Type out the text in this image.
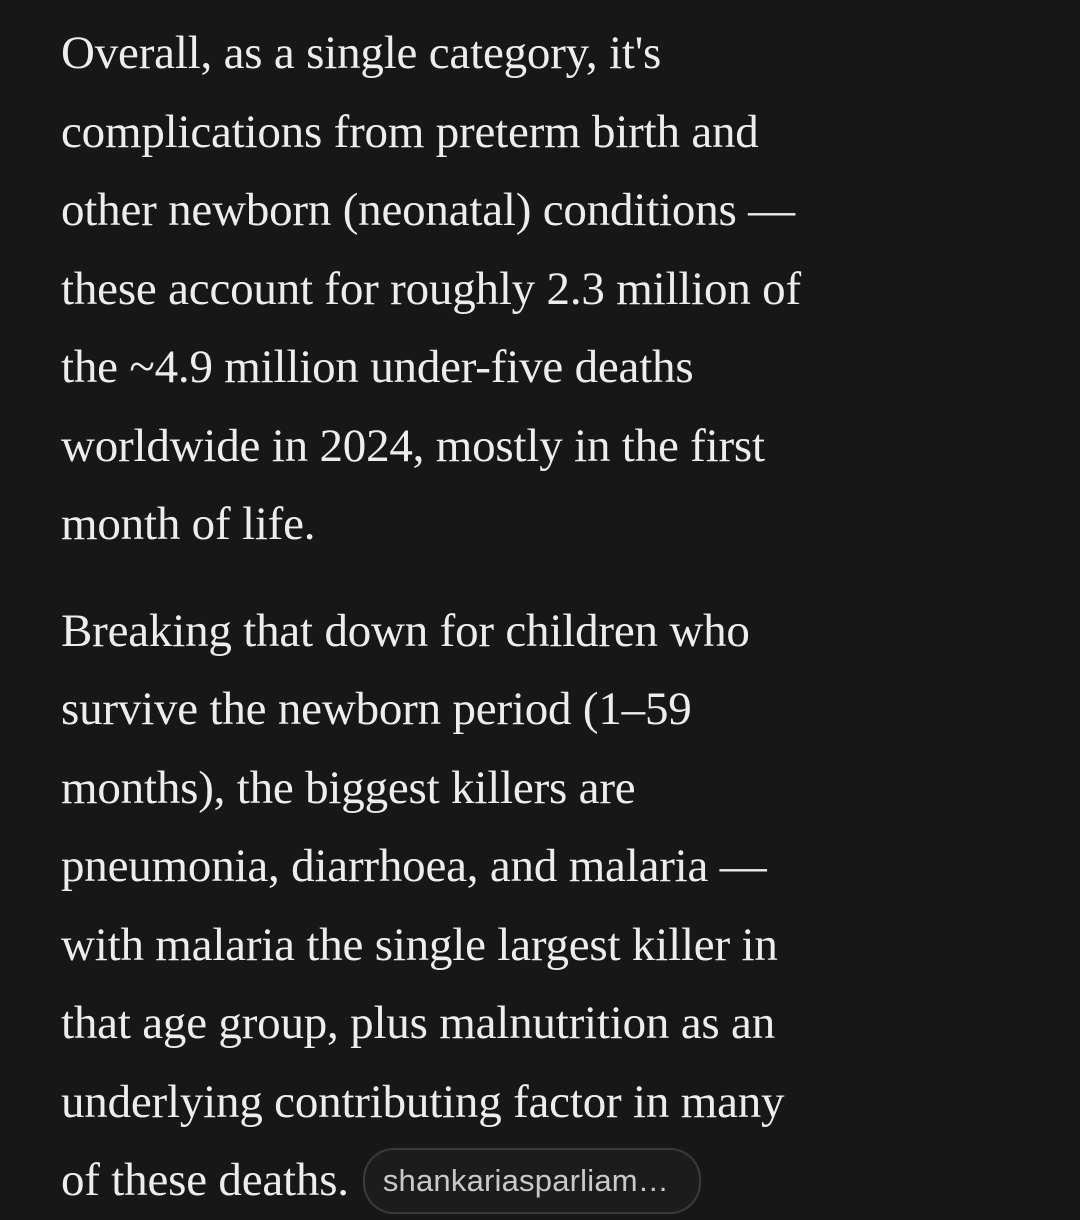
Overall, as a single category, it's
complications from preterm birth and
other newborn (neonatal) conditions —
these account for roughly 2.3 million of
the ~4.9 million under-five deaths
worldwide in 2024, mostly in the first
month of life.

Breaking that down for children who
survive the newborn period (1–59
months), the biggest killers are
pneumonia, diarrhoea, and malaria —
with malaria the single largest killer in
that age group, plus malnutrition as an
underlying contributing factor in many
of these deaths. shankariasparliam…
